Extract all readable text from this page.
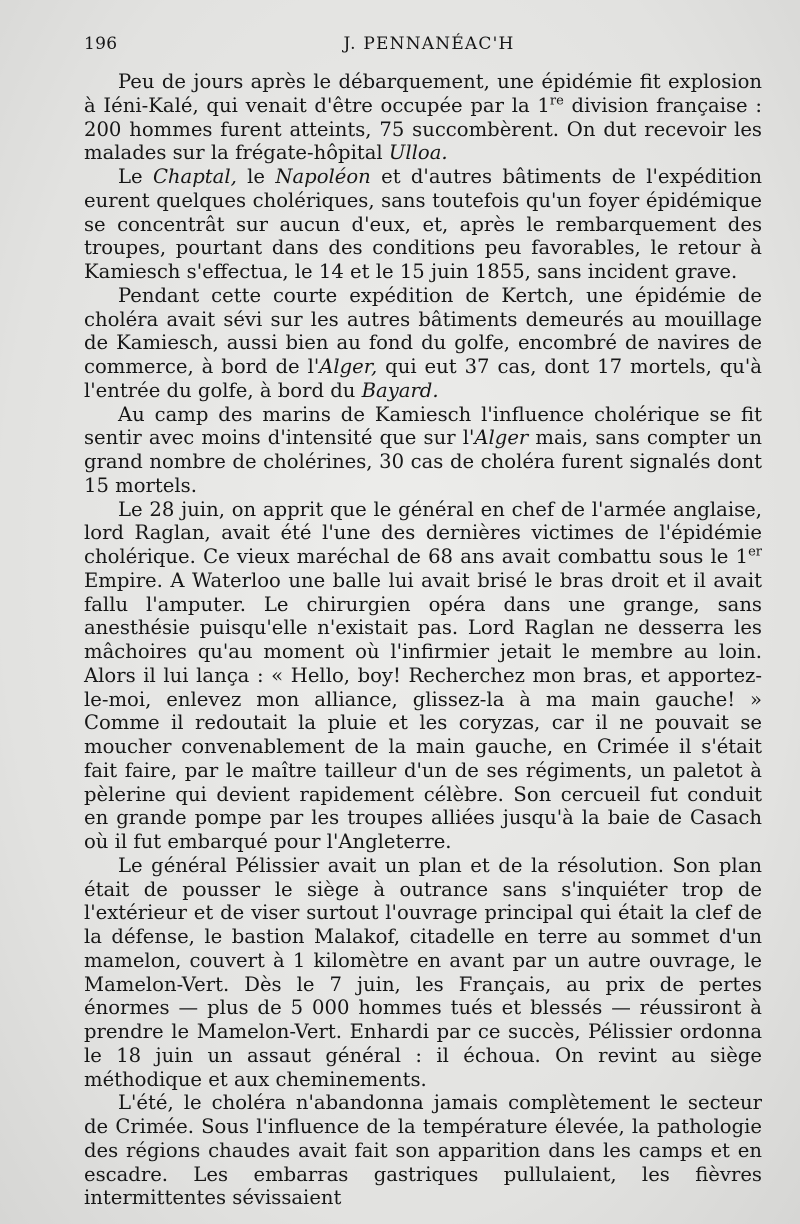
196	J. PENNANÉAC'H

Peu de jours après le débarquement, une épidémie fit explosion à Iéni-Kalé, qui venait d'être occupée par la 1re division française : 200 hommes furent atteints, 75 succombèrent. On dut recevoir les malades sur la frégate-hôpital Ulloa.

Le Chaptal, le Napoléon et d'autres bâtiments de l'expédition eurent quelques cholériques, sans toutefois qu'un foyer épidémique se concentrât sur aucun d'eux, et, après le rembarquement des troupes, pourtant dans des conditions peu favorables, le retour à Kamiesch s'effectua, le 14 et le 15 juin 1855, sans incident grave.

Pendant cette courte expédition de Kertch, une épidémie de choléra avait sévi sur les autres bâtiments demeurés au mouillage de Kamiesch, aussi bien au fond du golfe, encombré de navires de commerce, à bord de l'Alger, qui eut 37 cas, dont 17 mortels, qu'à l'entrée du golfe, à bord du Bayard.

Au camp des marins de Kamiesch l'influence cholérique se fit sentir avec moins d'intensité que sur l'Alger mais, sans compter un grand nombre de cholérines, 30 cas de choléra furent signalés dont 15 mortels.

Le 28 juin, on apprit que le général en chef de l'armée anglaise, lord Raglan, avait été l'une des dernières victimes de l'épidémie cholérique. Ce vieux maréchal de 68 ans avait combattu sous le 1er Empire. A Waterloo une balle lui avait brisé le bras droit et il avait fallu l'amputer. Le chirurgien opéra dans une grange, sans anesthésie puisqu'elle n'existait pas. Lord Raglan ne desserra les mâchoires qu'au moment où l'infirmier jetait le membre au loin. Alors il lui lança : « Hello, boy! Recherchez mon bras, et apportez-le-moi, enlevez mon alliance, glissez-la à ma main gauche! » Comme il redoutait la pluie et les coryzas, car il ne pouvait se moucher convenablement de la main gauche, en Crimée il s'était fait faire, par le maître tailleur d'un de ses régiments, un paletot à pèlerine qui devient rapidement célèbre. Son cercueil fut conduit en grande pompe par les troupes alliées jusqu'à la baie de Casach où il fut embarqué pour l'Angleterre.

Le général Pélissier avait un plan et de la résolution. Son plan était de pousser le siège à outrance sans s'inquiéter trop de l'extérieur et de viser surtout l'ouvrage principal qui était la clef de la défense, le bastion Malakof, citadelle en terre au sommet d'un mamelon, couvert à 1 kilomètre en avant par un autre ouvrage, le Mamelon-Vert. Dès le 7 juin, les Français, au prix de pertes énormes — plus de 5 000 hommes tués et blessés — réussiront à prendre le Mamelon-Vert. Enhardi par ce succès, Pélissier ordonna le 18 juin un assaut général : il échoua. On revint au siège méthodique et aux cheminements.

L'été, le choléra n'abandonna jamais complètement le secteur de Crimée. Sous l'influence de la température élevée, la pathologie des régions chaudes avait fait son apparition dans les camps et en escadre. Les embarras gastriques pullulaient, les fièvres intermittentes sévissaient
